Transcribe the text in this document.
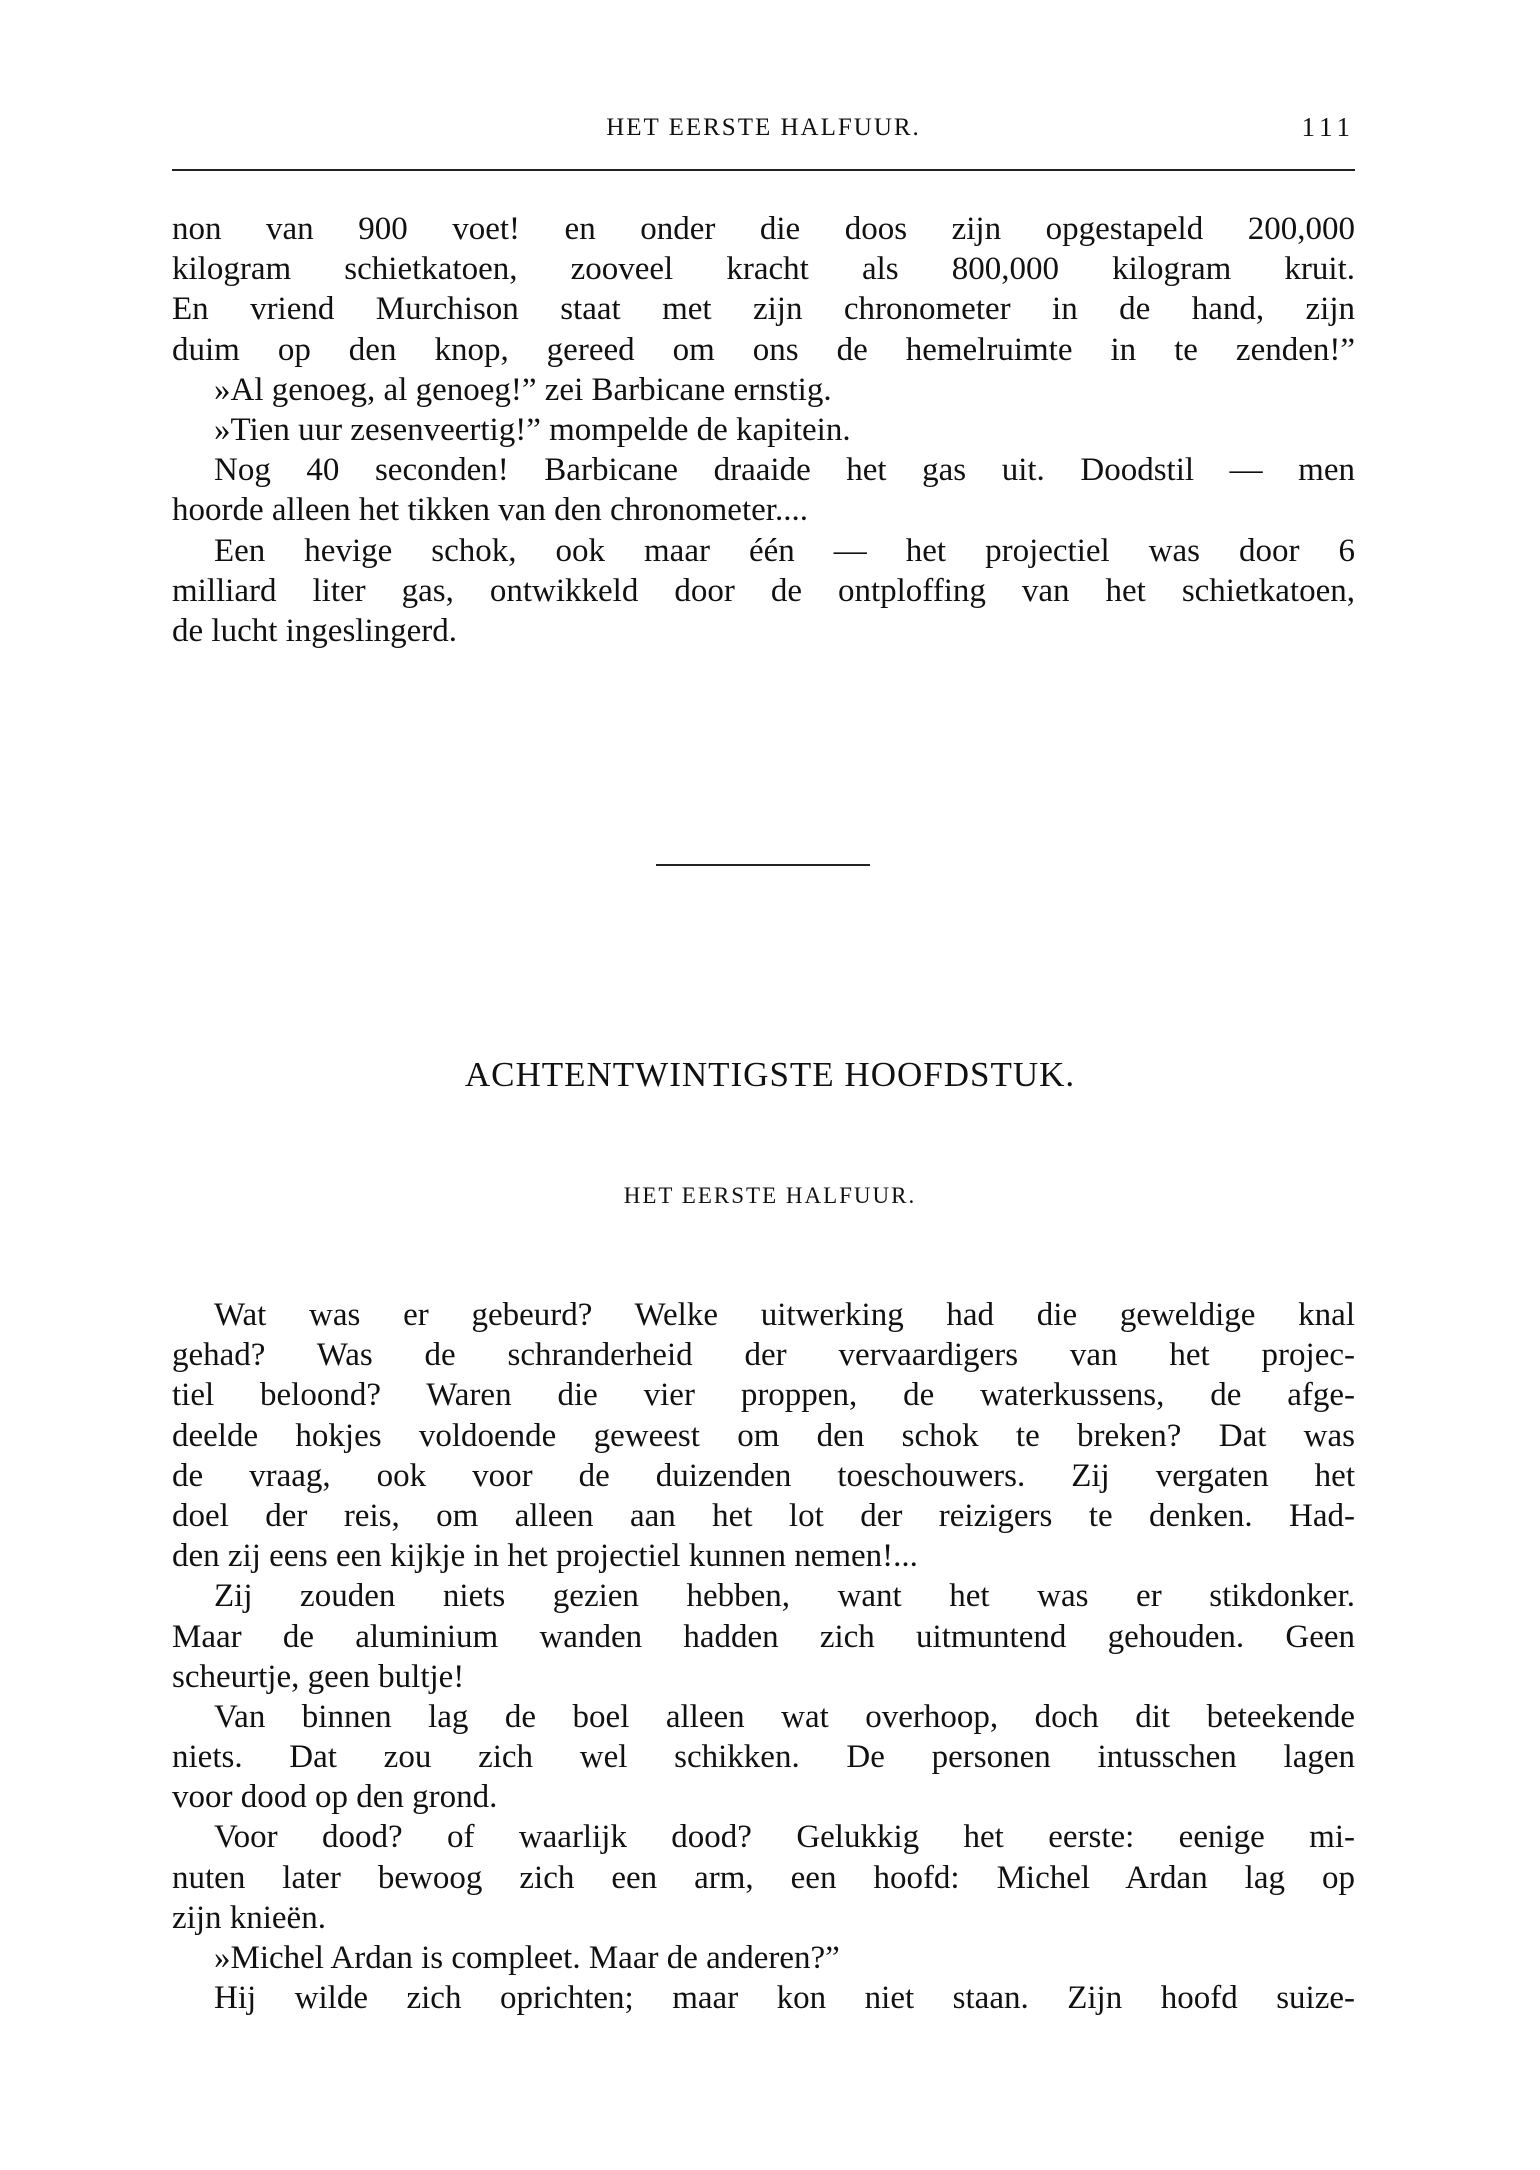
HET EERSTE HALFUUR.	111
non van 900 voet! en onder die doos zijn opgestapeld 200,000
kilogram schietkatoen, zooveel kracht als 800,000 kilogram kruit.
En vriend Murchison staat met zijn chronometer in de hand, zijn
duim op den knop, gereed om ons de hemelruimte in te zenden!”
»Al genoeg, al genoeg!” zei Barbicane ernstig.
»Tien uur zesenveertig!” mompelde de kapitein.
Nog 40 seconden! Barbicane draaide het gas uit. Doodstil — men
hoorde alleen het tikken van den chronometer....
Een hevige schok, ook maar één — het projectiel was door 6
milliard liter gas, ontwikkeld door de ontploffing van het schietkatoen,
de lucht ingeslingerd.
ACHTENTWINTIGSTE HOOFDSTUK.
HET EERSTE HALFUUR.
Wat was er gebeurd? Welke uitwerking had die geweldige knal
gehad? Was de schranderheid der vervaardigers van het projec-
tiel beloond? Waren die vier proppen, de waterkussens, de afge-
deelde hokjes voldoende geweest om den schok te breken? Dat was
de vraag, ook voor de duizenden toeschouwers. Zij vergaten het
doel der reis, om alleen aan het lot der reizigers te denken. Had-
den zij eens een kijkje in het projectiel kunnen nemen!...
Zij zouden niets gezien hebben, want het was er stikdonker.
Maar de aluminium wanden hadden zich uitmuntend gehouden. Geen
scheurtje, geen bultje!
Van binnen lag de boel alleen wat overhoop, doch dit beteekende
niets. Dat zou zich wel schikken. De personen intusschen lagen
voor dood op den grond.
Voor dood? of waarlijk dood? Gelukkig het eerste: eenige mi-
nuten later bewoog zich een arm, een hoofd: Michel Ardan lag op
zijn knieën.
»Michel Ardan is compleet. Maar de anderen?”
Hij wilde zich oprichten; maar kon niet staan. Zijn hoofd suize-
